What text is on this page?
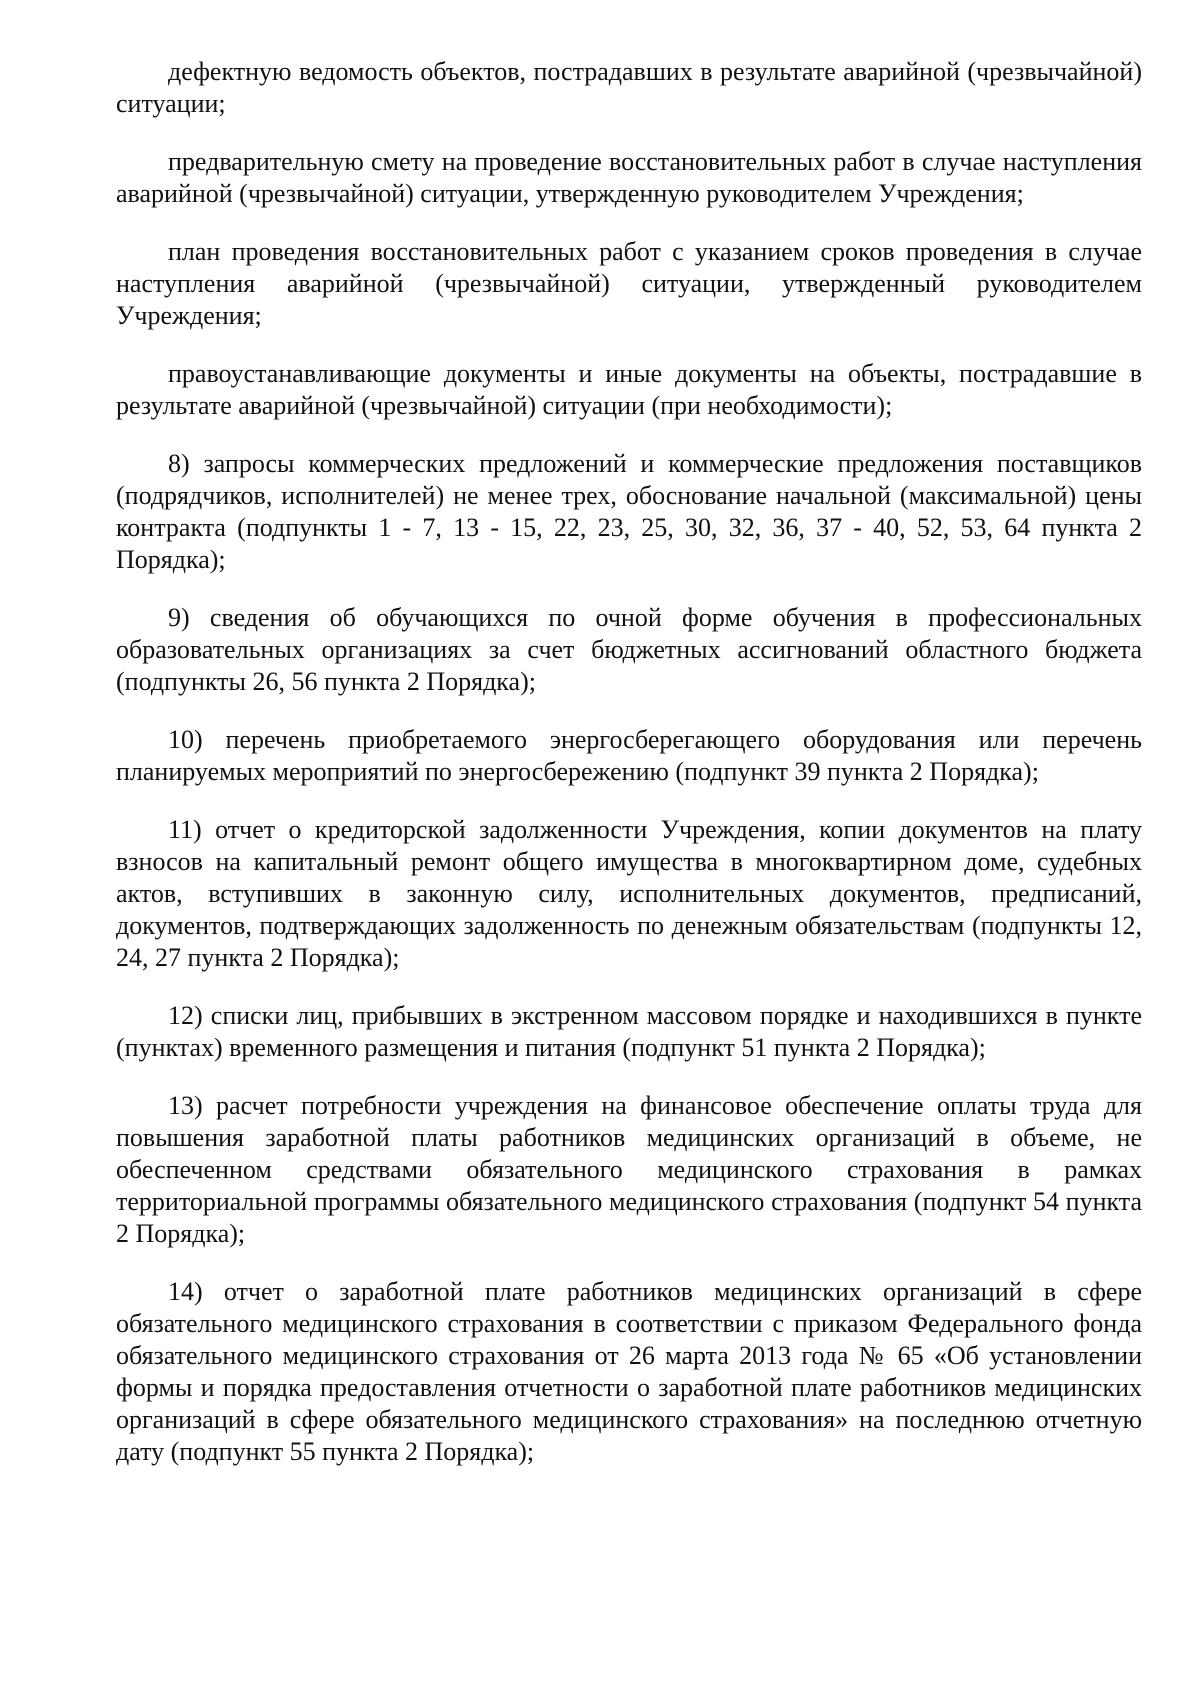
дефектную ведомость объектов, пострадавших в результате аварийной (чрезвычайной) ситуации;

предварительную смету на проведение восстановительных работ в случае наступления аварийной (чрезвычайной) ситуации, утвержденную руководителем Учреждения;

план проведения восстановительных работ с указанием сроков проведения в случае наступления аварийной (чрезвычайной) ситуации, утвержденный руководителем Учреждения;

правоустанавливающие документы и иные документы на объекты, пострадавшие в результате аварийной (чрезвычайной) ситуации (при необходимости);

8) запросы коммерческих предложений и коммерческие предложения поставщиков (подрядчиков, исполнителей) не менее трех, обоснование начальной (максимальной) цены контракта (подпункты 1 - 7, 13 - 15, 22, 23, 25, 30, 32, 36, 37 - 40, 52, 53, 64 пункта 2 Порядка);

9) сведения об обучающихся по очной форме обучения в профессиональных образовательных организациях за счет бюджетных ассигнований областного бюджета (подпункты 26, 56 пункта 2 Порядка);

10) перечень приобретаемого энергосберегающего оборудования или перечень планируемых мероприятий по энергосбережению (подпункт 39 пункта 2 Порядка);

11) отчет о кредиторской задолженности Учреждения, копии документов на плату взносов на капитальный ремонт общего имущества в многоквартирном доме, судебных актов, вступивших в законную силу, исполнительных документов, предписаний, документов, подтверждающих задолженность по денежным обязательствам (подпункты 12, 24, 27 пункта 2 Порядка);

12) списки лиц, прибывших в экстренном массовом порядке и находившихся в пункте (пунктах) временного размещения и питания (подпункт 51 пункта 2 Порядка);

13) расчет потребности учреждения на финансовое обеспечение оплаты труда для повышения заработной платы работников медицинских организаций в объеме, не обеспеченном средствами обязательного медицинского страхования в рамках территориальной программы обязательного медицинского страхования (подпункт 54 пункта 2 Порядка);

14) отчет о заработной плате работников медицинских организаций в сфере обязательного медицинского страхования в соответствии с приказом Федерального фонда обязательного медицинского страхования от 26 марта 2013 года № 65 «Об установлении формы и порядка предоставления отчетности о заработной плате работников медицинских организаций в сфере обязательного медицинского страхования» на последнюю отчетную дату (подпункт 55 пункта 2 Порядка);
